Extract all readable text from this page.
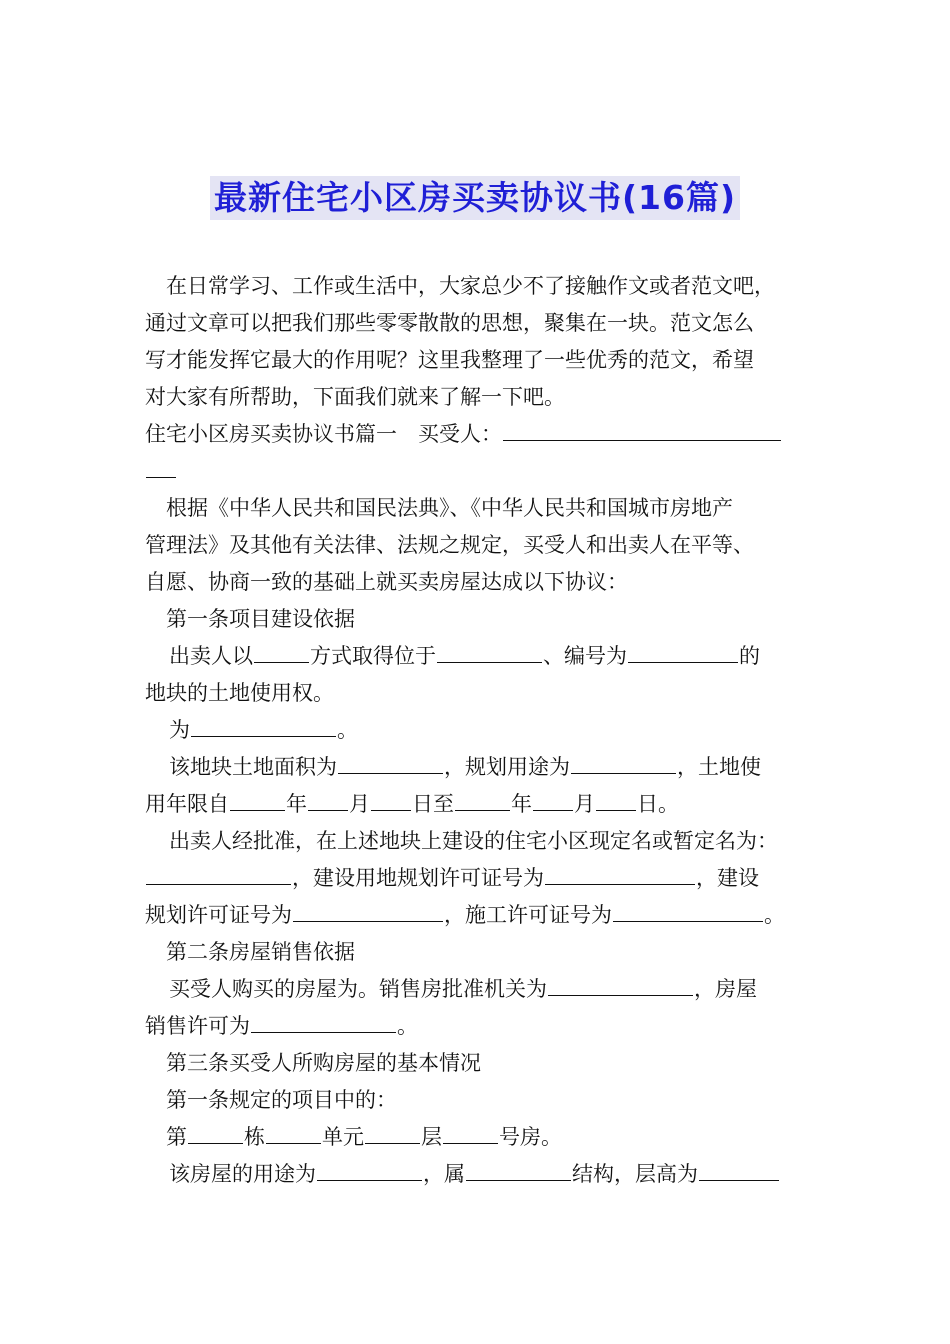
最新住宅小区房买卖协议书(16篇)
在日常学习、工作或生活中，大家总少不了接触作文或者范文吧，
通过文章可以把我们那些零零散散的思想，聚集在一块。范文怎么
写才能发挥它最大的作用呢？这里我整理了一些优秀的范文，希望
对大家有所帮助，下面我们就来了解一下吧。
住宅小区房买卖协议书篇一　买受人：
根据《中华人民共和国民法典》、《中华人民共和国城市房地产
管理法》及其他有关法律、法规之规定，买受人和出卖人在平等、
自愿、协商一致的基础上就买卖房屋达成以下协议：
第一条项目建设依据
出卖人以	方式取得位于	、编号为	的
地块的土地使用权。
为	。
该地块土地面积为	，规划用途为	，土地使
用年限自	年 月 日至	年 月 日。
出卖人经批准，在上述地块上建设的住宅小区现定名或暂定名为：
，建设用地规划许可证号为	，建设
规划许可证号为	，施工许可证号为	。
第二条房屋销售依据
买受人购买的房屋为。销售房批准机关为	，房屋
销售许可为	。
第三条买受人所购房屋的基本情况
第一条规定的项目中的：
第	栋	单元	层	号房。
该房屋的用途为	，属	结构，层高为
